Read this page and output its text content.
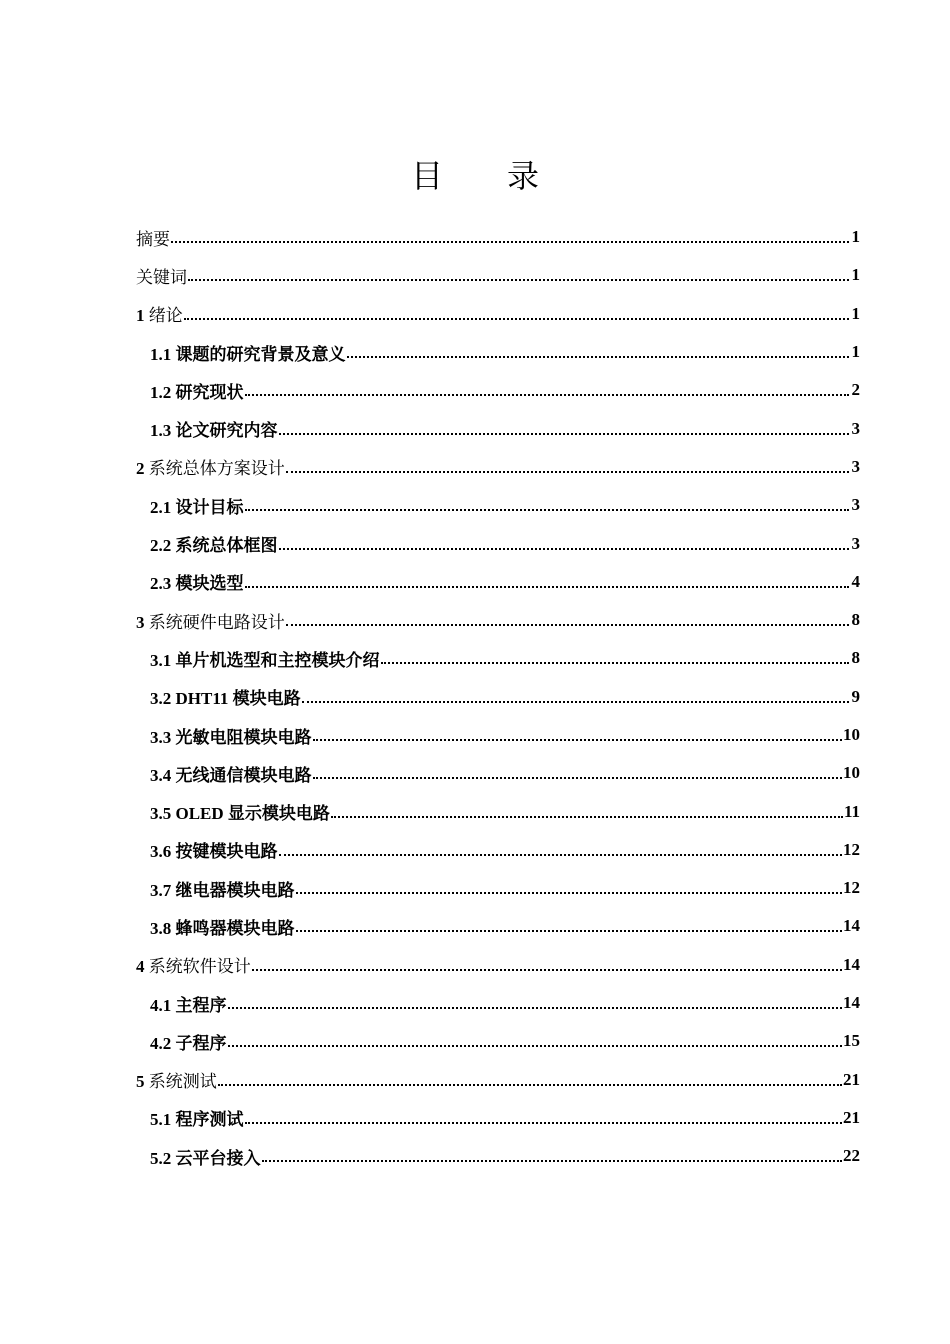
目 录
摘要	1
关键词	1
1 绪论	1
1.1 课题的研究背景及意义	1
1.2 研究现状	2
1.3 论文研究内容	3
2 系统总体方案设计	3
2.1 设计目标	3
2.2 系统总体框图	3
2.3 模块选型	4
3 系统硬件电路设计	8
3.1 单片机选型和主控模块介绍	8
3.2 DHT11 模块电路	9
3.3 光敏电阻模块电路	10
3.4 无线通信模块电路	10
3.5 OLED 显示模块电路	11
3.6 按键模块电路	12
3.7 继电器模块电路	12
3.8 蜂鸣器模块电路	14
4 系统软件设计	14
4.1 主程序	14
4.2 子程序	15
5 系统测试	21
5.1 程序测试	21
5.2 云平台接入	22
